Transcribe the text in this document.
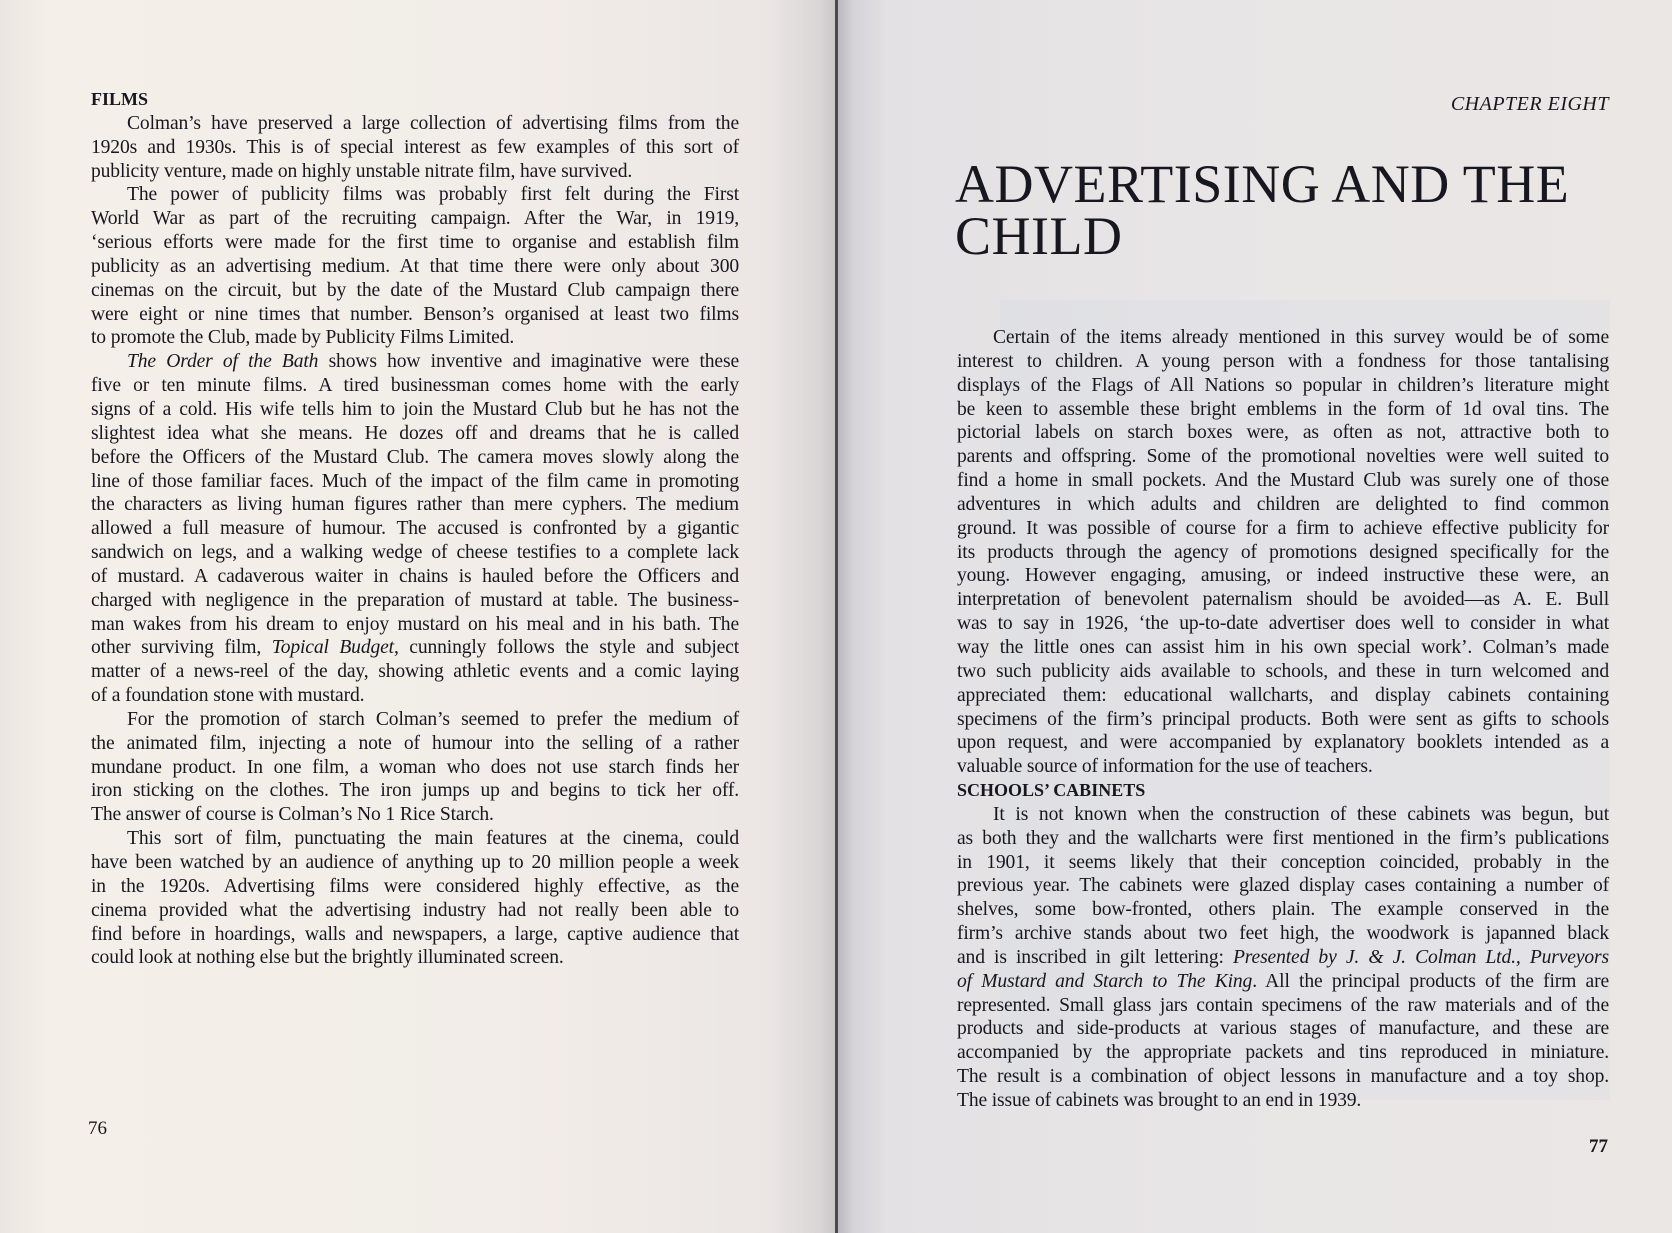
FILMS
Colman’s have preserved a large collection of advertising films from the
1920s and 1930s. This is of special interest as few examples of this sort of
publicity venture, made on highly unstable nitrate film, have survived.
The power of publicity films was probably first felt during the First
World War as part of the recruiting campaign. After the War, in 1919,
‘serious efforts were made for the first time to organise and establish film
publicity as an advertising medium. At that time there were only about 300
cinemas on the circuit, but by the date of the Mustard Club campaign there
were eight or nine times that number. Benson’s organised at least two films
to promote the Club, made by Publicity Films Limited.
The Order of the Bath shows how inventive and imaginative were these
five or ten minute films. A tired businessman comes home with the early
signs of a cold. His wife tells him to join the Mustard Club but he has not the
slightest idea what she means. He dozes off and dreams that he is called
before the Officers of the Mustard Club. The camera moves slowly along the
line of those familiar faces. Much of the impact of the film came in promoting
the characters as living human figures rather than mere cyphers. The medium
allowed a full measure of humour. The accused is confronted by a gigantic
sandwich on legs, and a walking wedge of cheese testifies to a complete lack
of mustard. A cadaverous waiter in chains is hauled before the Officers and
charged with negligence in the preparation of mustard at table. The business-
man wakes from his dream to enjoy mustard on his meal and in his bath. The
other surviving film, Topical Budget, cunningly follows the style and subject
matter of a news-reel of the day, showing athletic events and a comic laying
of a foundation stone with mustard.
For the promotion of starch Colman’s seemed to prefer the medium of
the animated film, injecting a note of humour into the selling of a rather
mundane product. In one film, a woman who does not use starch finds her
iron sticking on the clothes. The iron jumps up and begins to tick her off.
The answer of course is Colman’s No 1 Rice Starch.
This sort of film, punctuating the main features at the cinema, could
have been watched by an audience of anything up to 20 million people a week
in the 1920s. Advertising films were considered highly effective, as the
cinema provided what the advertising industry had not really been able to
find before in hoardings, walls and newspapers, a large, captive audience that
could look at nothing else but the brightly illuminated screen.
CHAPTER EIGHT
ADVERTISING AND THE
CHILD
Certain of the items already mentioned in this survey would be of some
interest to children. A young person with a fondness for those tantalising
displays of the Flags of All Nations so popular in children’s literature might
be keen to assemble these bright emblems in the form of 1d oval tins. The
pictorial labels on starch boxes were, as often as not, attractive both to
parents and offspring. Some of the promotional novelties were well suited to
find a home in small pockets. And the Mustard Club was surely one of those
adventures in which adults and children are delighted to find common
ground. It was possible of course for a firm to achieve effective publicity for
its products through the agency of promotions designed specifically for the
young. However engaging, amusing, or indeed instructive these were, an
interpretation of benevolent paternalism should be avoided—as A. E. Bull
was to say in 1926, ‘the up-to-date advertiser does well to consider in what
way the little ones can assist him in his own special work’. Colman’s made
two such publicity aids available to schools, and these in turn welcomed and
appreciated them: educational wallcharts, and display cabinets containing
specimens of the firm’s principal products. Both were sent as gifts to schools
upon request, and were accompanied by explanatory booklets intended as a
valuable source of information for the use of teachers.
SCHOOLS’ CABINETS
It is not known when the construction of these cabinets was begun, but
as both they and the wallcharts were first mentioned in the firm’s publications
in 1901, it seems likely that their conception coincided, probably in the
previous year. The cabinets were glazed display cases containing a number of
shelves, some bow-fronted, others plain. The example conserved in the
firm’s archive stands about two feet high, the woodwork is japanned black
and is inscribed in gilt lettering: Presented by J. & J. Colman Ltd., Purveyors
of Mustard and Starch to The King. All the principal products of the firm are
represented. Small glass jars contain specimens of the raw materials and of the
products and side-products at various stages of manufacture, and these are
accompanied by the appropriate packets and tins reproduced in miniature.
The result is a combination of object lessons in manufacture and a toy shop.
The issue of cabinets was brought to an end in 1939.
76
77
